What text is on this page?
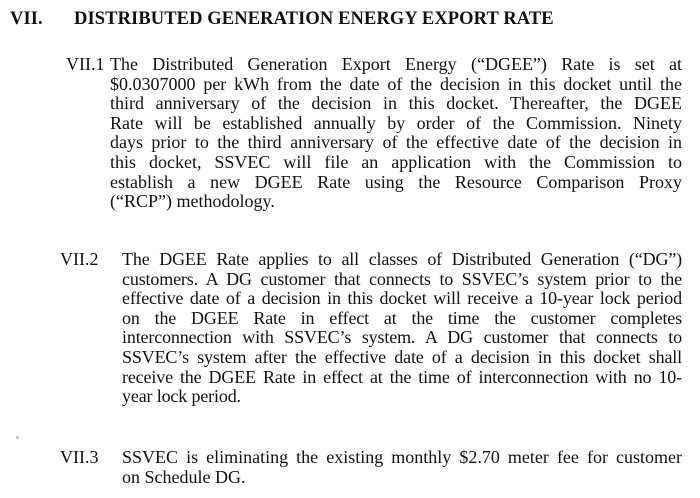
VII. DISTRIBUTED GENERATION ENERGY EXPORT RATE
VII.1 The Distributed Generation Export Energy (“DGEE”) Rate is set at
$0.0307000 per kWh from the date of the decision in this docket until the
third anniversary of the decision in this docket. Thereafter, the DGEE
Rate will be established annually by order of the Commission. Ninety
days prior to the third anniversary of the effective date of the decision in
this docket, SSVEC will file an application with the Commission to
establish a new DGEE Rate using the Resource Comparison Proxy
(“RCP”) methodology.
VII.2 The DGEE Rate applies to all classes of Distributed Generation (“DG”)
customers. A DG customer that connects to SSVEC’s system prior to the
effective date of a decision in this docket will receive a 10-year lock period
on the DGEE Rate in effect at the time the customer completes
interconnection with SSVEC’s system. A DG customer that connects to
SSVEC’s system after the effective date of a decision in this docket shall
receive the DGEE Rate in effect at the time of interconnection with no 10-
year lock period.
VII.3 SSVEC is eliminating the existing monthly $2.70 meter fee for customer
on Schedule DG.
